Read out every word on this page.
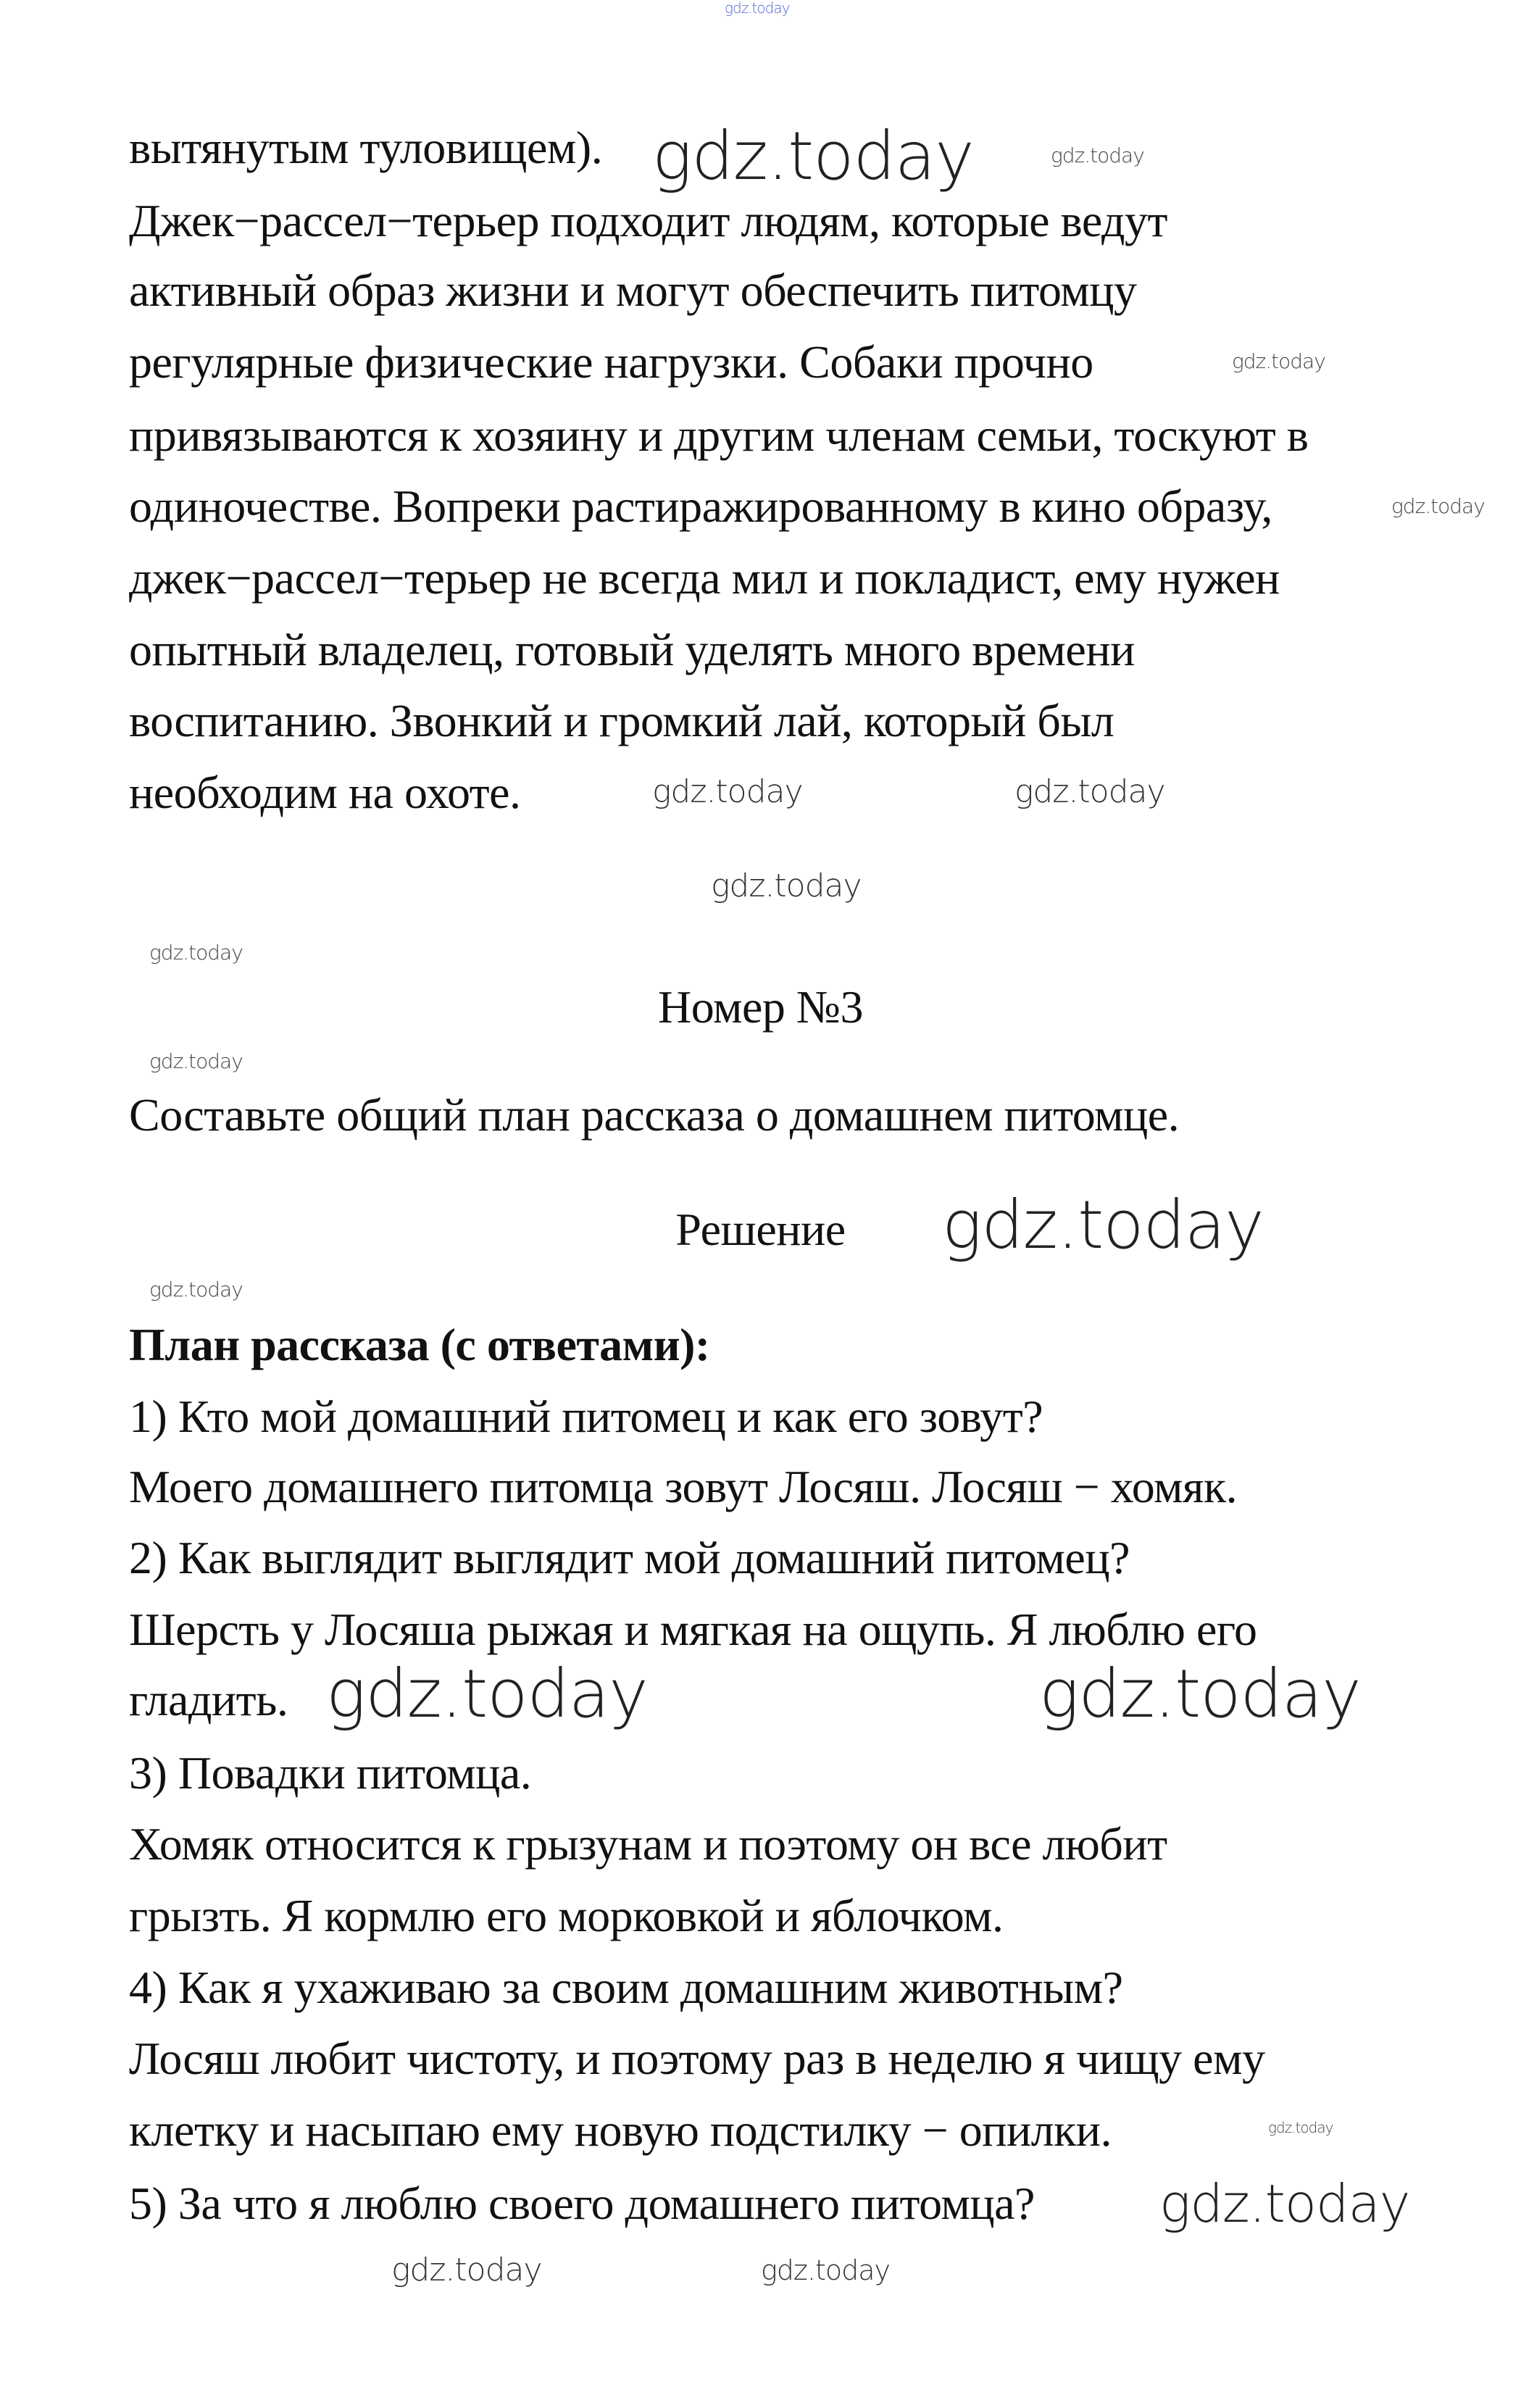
вытянутым туловищем).
Джек−рассел−терьер подходит людям, которые ведут
активный образ жизни и могут обеспечить питомцу
регулярные физические нагрузки. Собаки прочно
привязываются к хозяину и другим членам семьи, тоскуют в
одиночестве. Вопреки растиражированному в кино образу,
джек−рассел−терьер не всегда мил и покладист, ему нужен
опытный владелец, готовый уделять много времени
воспитанию. Звонкий и громкий лай, который был
необходим на охоте.
Номер №3
Составьте общий план рассказа о домашнем питомце.
Решение
План рассказа (с ответами):
1) Кто мой домашний питомец и как его зовут?
Моего домашнего питомца зовут Лосяш. Лосяш − хомяк.
2) Как выглядит выглядит мой домашний питомец?
Шерсть у Лосяша рыжая и мягкая на ощупь. Я люблю его
гладить.
3) Повадки питомца.
Хомяк относится к грызунам и поэтому он все любит
грызть. Я кормлю его морковкой и яблочком.
4) Как я ухаживаю за своим домашним животным?
Лосяш любит чистоту, и поэтому раз в неделю я чищу ему
клетку и насыпаю ему новую подстилку − опилки.
5) За что я люблю своего домашнего питомца?
gdz.today
gdz.today
gdz.today
gdz.today	gdz.today
gdz.today
gdz.today
gdz.today	gdz.today
gdz.today	gdz.today
gdz.today
gdz.today
gdz.today
gdz.today
gdz.today
gdz.today
gdz.today
